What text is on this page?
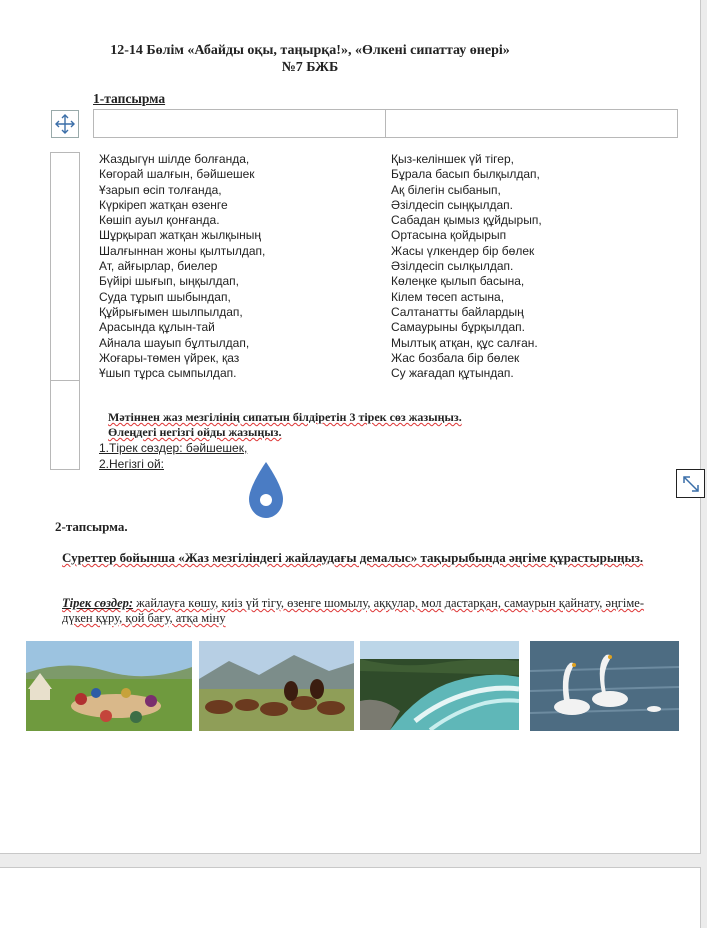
12-14 Бөлім «Абайды оқы, таңырқа!», «Өлкені сипаттау өнері»
№7 БЖБ
1-тапсырма
Жаздыгүн шілде болғанда,
Көгорай шалғын, бәйшешек
Ұзарып өсіп толғанда,
Күркіреп жатқан өзенге
Көшіп ауыл қонғанда.
Шұрқырап жатқан жылқының
Шалғыннан жоны қылтылдап,
Ат, айғырлар, биелер
Бүйірі шығып, ыңқылдап,
Суда тұрып шыбындап,
Құйрығымен шылпылдап,
Арасында құлын-тай
Айнала шауып бұлтылдап,
Жоғары-төмен үйрек, қаз
Ұшып тұрса сымпылдап.
Қыз-келіншек үй тігер,
Бұрала басып былқылдап,
Ақ білегін сыбанып,
Әзілдесіп сыңқылдап.
Сабадан қымыз құйдырып,
Ортасына қойдырып
Жасы үлкендер бір бөлек
Әзілдесіп сылқылдап.
Көлеңке қылып басына,
Кілем төсеп астына,
Салтанатты байлардың
Самаурыны бұрқылдап.
Мылтық атқан, құс салған.
Жас бозбала бір бөлек
Су жағадап құтындап.
Мәтіннен жаз мезгілінің сипатын білдіретін 3 тірек сөз жазыңыз.
Өлеңдегі негізгі ойды жазыңыз.
1.Тірек сөздер: бәйшешек,
2.Негізгі ой:
2-тапсырма.
Суреттер бойынша «Жаз мезгіліндегі жайлаудағы демалыс» тақырыбында әңгіме құрастырыңыз.
Тірек сөздер: жайлауға көшу, киіз үй тігу, өзенге шомылу, аққулар, мол дастарқан, самаурын қайнату, әңгіме-дүкен құру, қой бағу, атқа міну
